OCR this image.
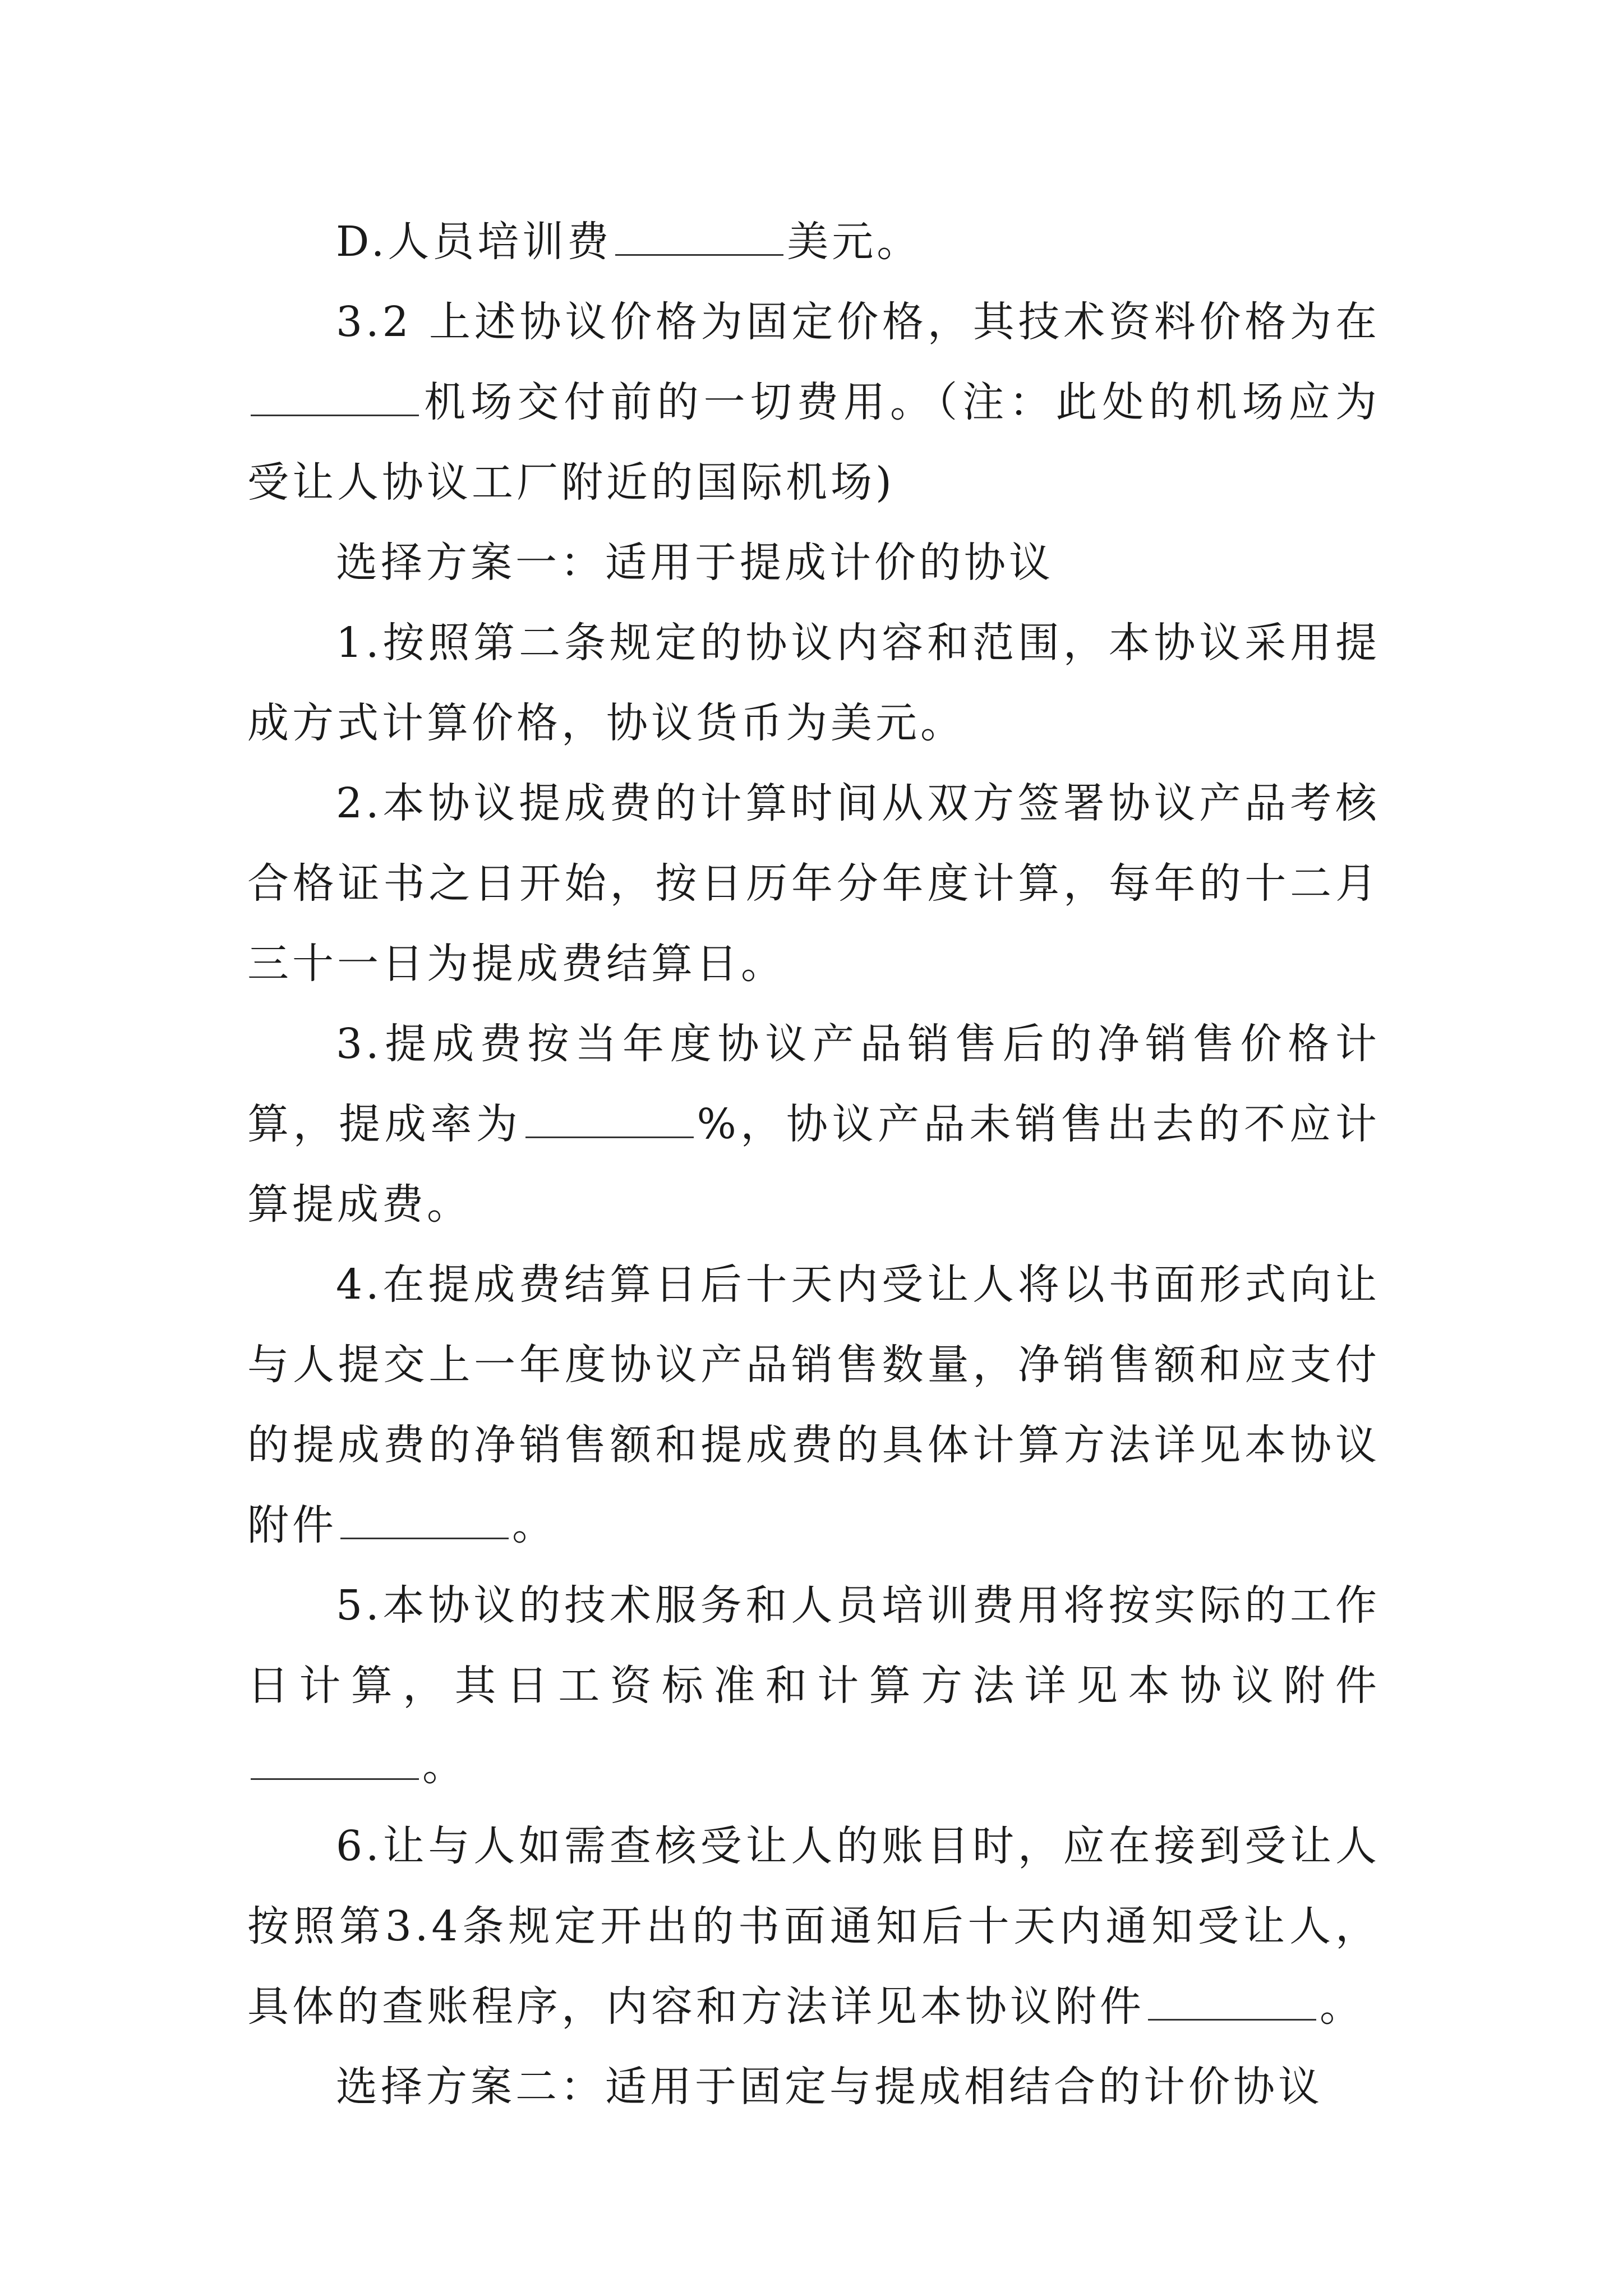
D.人员培训费	美元。

3.2 上述协议价格为固定价格，其技术资料价格为在机场交付前的一切费用。（注：此处的机场应为受让人协议工厂附近的国际机场)

选择方案一：适用于提成计价的协议

1.按照第二条规定的协议内容和范围，本协议采用提成方式计算价格，协议货币为美元。

2.本协议提成费的计算时间从双方签署协议产品考核合格证书之日开始，按日历年分年度计算，每年的十二月三十一日为提成费结算日。

3.提成费按当年度协议产品销售后的净销售价格计算，提成率为	%，协议产品未销售出去的不应计算提成费。

4.在提成费结算日后十天内受让人将以书面形式向让与人提交上一年度协议产品销售数量，净销售额和应支付的提成费的净销售额和提成费的具体计算方法详见本协议附件	。

5.本协议的技术服务和人员培训费用将按实际的工作日计算，其日工资标准和计算方法详见本协议附件。

6.让与人如需查核受让人的账目时，应在接到受让人按照第3.4条规定开出的书面通知后十天内通知受让人，具体的查账程序，内容和方法详见本协议附件	。

选择方案二：适用于固定与提成相结合的计价协议
